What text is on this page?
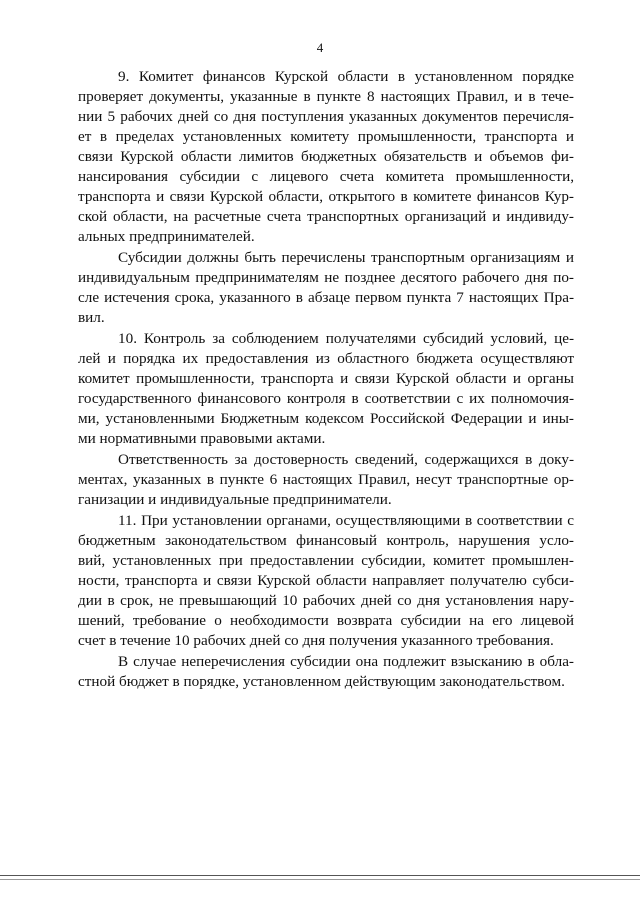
4
9. Комитет финансов Курской области в установленном порядке
проверяет документы, указанные в пункте 8 настоящих Правил, и в тече-
нии 5 рабочих дней со дня поступления указанных документов перечисля-
ет в пределах установленных комитету промышленности, транспорта и
связи Курской области лимитов бюджетных обязательств и объемов фи-
нансирования субсидии с лицевого счета комитета промышленности,
транспорта и связи Курской области, открытого в комитете финансов Кур-
ской области, на расчетные счета транспортных организаций и индивиду-
альных предпринимателей.
Субсидии должны быть перечислены транспортным организациям и
индивидуальным предпринимателям не позднее десятого рабочего дня по-
сле истечения срока, указанного в абзаце первом пункта 7 настоящих Пра-
вил.
10. Контроль за соблюдением получателями субсидий условий, це-
лей и порядка их предоставления из областного бюджета осуществляют
комитет промышленности, транспорта и связи Курской области и органы
государственного финансового контроля в соответствии с их полномочия-
ми, установленными Бюджетным кодексом Российской Федерации и ины-
ми нормативными правовыми актами.
Ответственность за достоверность сведений, содержащихся в доку-
ментах, указанных в пункте 6 настоящих Правил, несут транспортные ор-
ганизации и индивидуальные предприниматели.
11. При установлении органами, осуществляющими в соответствии с
бюджетным законодательством финансовый контроль, нарушения усло-
вий, установленных при предоставлении субсидии, комитет промышлен-
ности, транспорта и связи Курской области направляет получателю субси-
дии в срок, не превышающий 10 рабочих дней со дня установления нару-
шений, требование о необходимости возврата субсидии на его лицевой
счет в течение 10 рабочих дней со дня получения указанного требования.
В случае неперечисления субсидии она подлежит взысканию в обла-
стной бюджет в порядке, установленном действующим законодательством.
